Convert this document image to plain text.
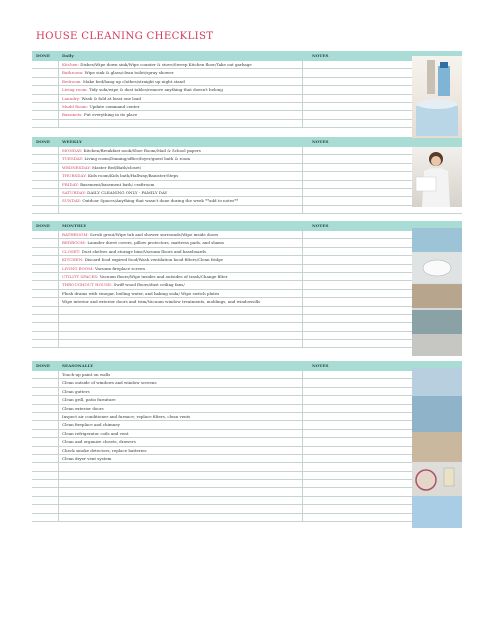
HOUSE CLEANING CHECKLIST
DONE	Daily	NOTES
Kitchen: Dishes/Wipe down sink/Wipe counter & stove/Sweep Kitchen floor/Take out garbage
Bathroom: Wipe sink & glass/clean toilet/spray shower
Bedroom: Make bed/hang up clothes/straight up night stand
Living room: Tidy sofa/wipe & dust tables/remove anything that doesn't belong
Laundry: Wash & fold at least one load
Mudd Room: Update command center
Bassinets: Put everything in its place
DONE	WEEKLY	NOTES
MONDAY: Kitchen/Breakfast nook/Shoe Room/Mail & School papers
TUESDAY: Living room/Dinning/office/foyer/guest bath & room
WEDNESDAY: Master Bed/Bath/closet/
THURSDAY: Kids room/Kids bath/Hallway/Banister/Steps
FRIDAY: Basement/basement bath/ craftroom
SATURDAY: DAILY CLEANING ONLY - FAMILY DAY
SUNDAY: Outdoor Spaces/Anything that wasn't done during the week **add to notes**
DONE	MONTHLY	NOTES
BATHROOM: Scrub grout/Wipe tub and shower surrounds/Wipe inside doors
BEDROOM: Launder duvet covers, pillow protectors, mattress pads, and shams
CLOSET: Dust shelves and storage bins/Vacuum floors and baseboards
KITCHEN: Discard food expired food/Wash ventilation hood filters/Clean fridge
LIVING ROOM: Vacuum fireplace screen
UTILITY SPACES: Vacuum floors/Wipe insides and outsides of trash/Change filter
THROUGHOUT HOUSE: Swiff wood floors/dust ceiling fans/
Flush drains with vinegar, boiling water, and baking soda/ Wipe switch plates
Wipe interior and exterior doors and trim/Vacuum window treatments, moldings, and windowsills
DONE	SEASONALLY	NOTES
Touch-up paint on walls
Clean outside of windows and window screens
Clean gutters
Clean grill, patio furniture
Clean exterior doors
Inspect air conditioner and furnace; replace filters, clean vents
Clean fireplace and chimney
Clean refrigerator coils and vent
Clean and organize closets, drawers
Check smoke detectors; replace batteries
Clean dryer vent system
